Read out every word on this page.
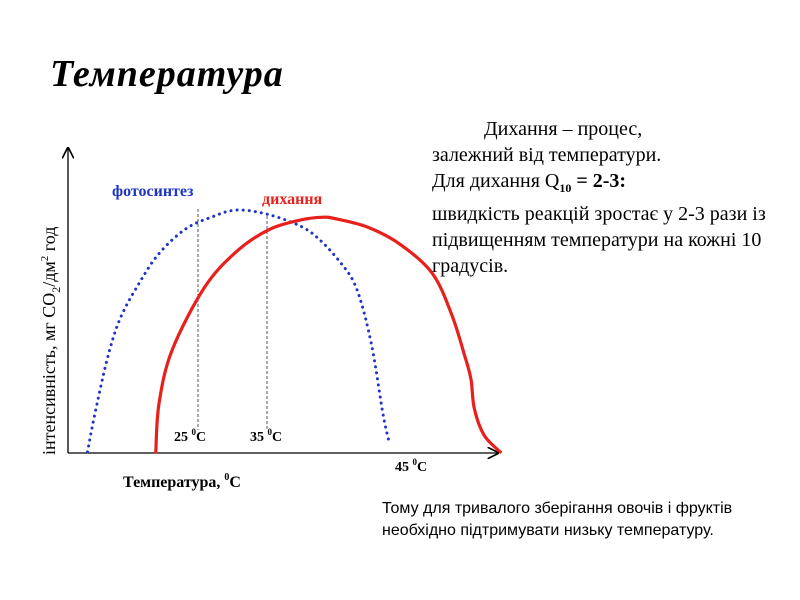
Температура
фотосинтез	дихання
інтенсивність, мг $CO_2/дм^2$ год
Температура, $^0$C
25 $^0$C	35 $^0$C
45 $^0$C

Дихання – процес,

залежний від температури.

Для дихання $Q_{10} = 2-3$:

швидкість реакцій зростає у 2-3 рази із підвищенням температури на кожні 10 градусів.

Тому для тривалого зберігання овочів і фруктів необхідно підтримувати низьку температуру.
